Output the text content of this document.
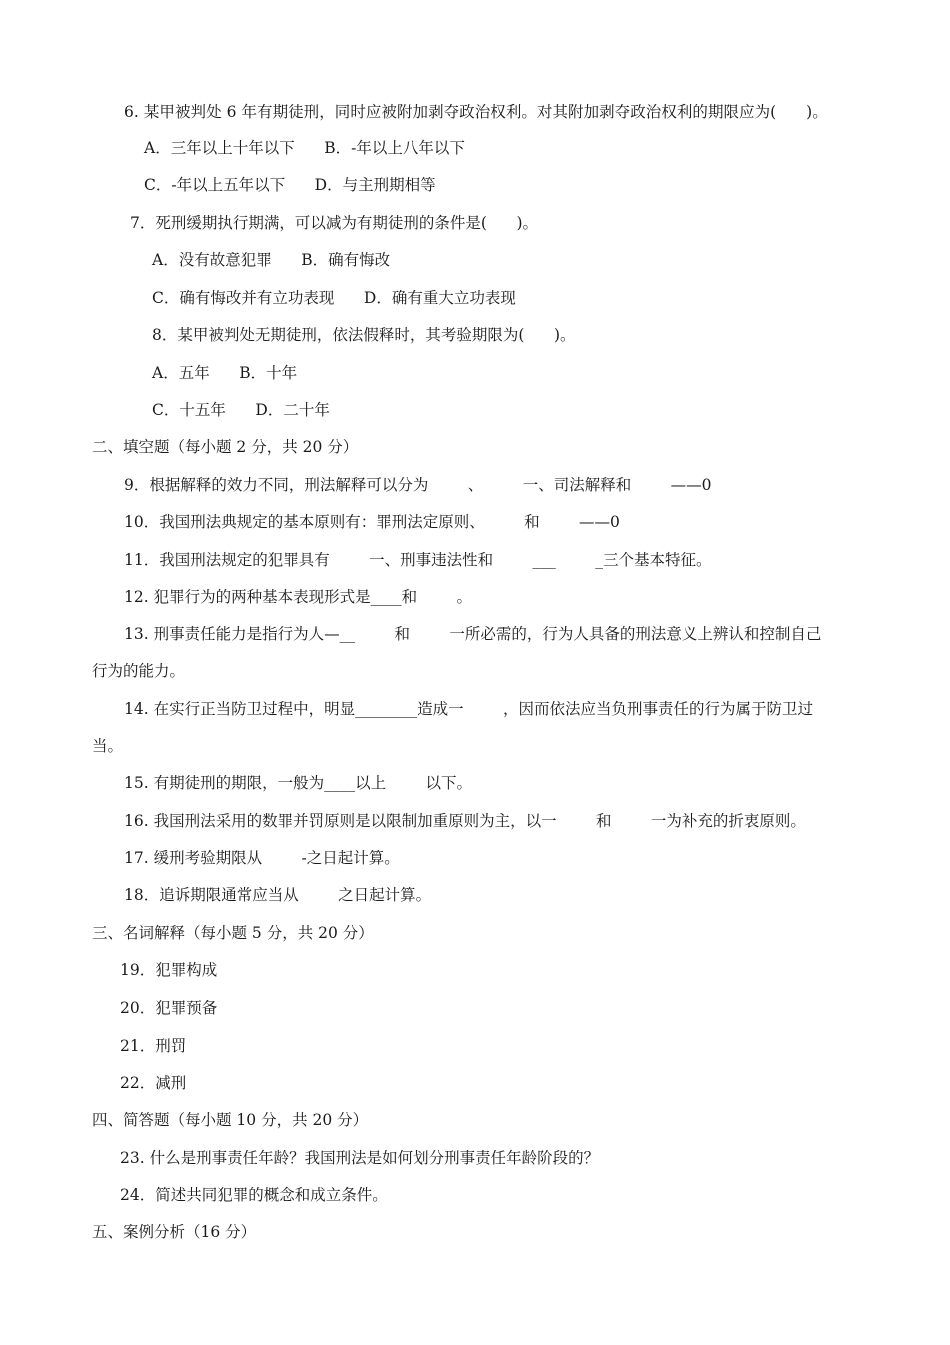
6. 某甲被判处 6 年有期徒刑，同时应被附加剥夺政治权利。对其附加剥夺政治权利的期限应为(      )。
A．三年以上十年以下      B．-年以上八年以下
C．-年以上五年以下      D．与主刑期相等
7．死刑缓期执行期满，可以减为有期徒刑的条件是(      )。
A．没有故意犯罪      B．确有悔改
C．确有悔改并有立功表现      D．确有重大立功表现
8．某甲被判处无期徒刑，依法假释时，其考验期限为(      )。
A．五年      B．十年
C．十五年      D．二十年
二、填空题（每小题 2 分，共 20 分）
9．根据解释的效力不同，刑法解释可以分为        、        一、司法解释和        ——0
10．我国刑法典规定的基本原则有：罪刑法定原则、        和        ——0
11．我国刑法规定的犯罪具有        一、刑事违法性和        ___        _三个基本特征。
12. 犯罪行为的两种基本表现形式是____和        。
13. 刑事责任能力是指行为人—__        和        一所必需的，行为人具备的刑法意义上辨认和控制自己
行为的能力。
14. 在实行正当防卫过程中，明显________造成一        ，因而依法应当负刑事责任的行为属于防卫过
当。
15. 有期徒刑的期限，一般为____以上        以下。
16. 我国刑法采用的数罪并罚原则是以限制加重原则为主，以一        和        一为补充的折衷原则。
17. 缓刑考验期限从        -之日起计算。
18．追诉期限通常应当从        之日起计算。
三、名词解释（每小题 5 分，共 20 分）
19．犯罪构成
20．犯罪预备
21．刑罚
22．减刑
四、简答题（每小题 10 分，共 20 分）
23. 什么是刑事责任年龄？我国刑法是如何划分刑事责任年龄阶段的？
24．简述共同犯罪的概念和成立条件。
五、案例分析（16 分）
